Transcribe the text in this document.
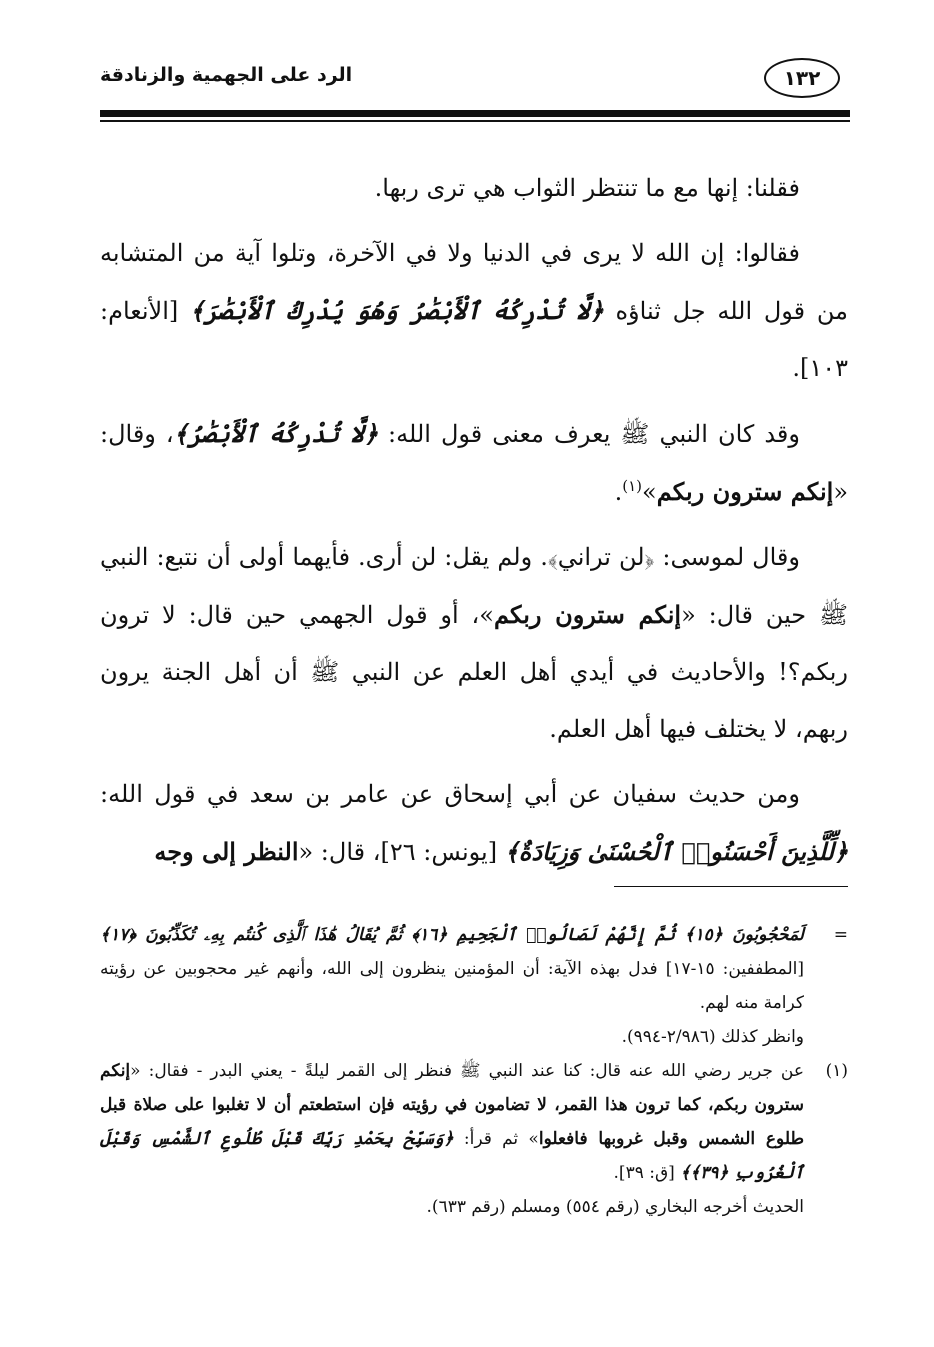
١٣٢
الرد على الجهمية والزنادقة

فقلنا: إنها مع ما تنتظر الثواب هي ترى ربها.

فقالوا: إن الله لا يرى في الدنيا ولا في الآخرة، وتلوا آية من المتشابه من قول الله جل ثناؤه ﴿لَّا تُدْرِكُهُ ٱلْأَبْصَٰرُ وَهُوَ يُدْرِكُ ٱلْأَبْصَٰرَ﴾ [الأنعام: ١٠٣].

وقد كان النبي ﷺ يعرف معنى قول الله: ﴿لَّا تُدْرِكُهُ ٱلْأَبْصَٰرُ﴾، وقال: «إنكم سترون ربكم»$^{(١)}$.

وقال لموسى: ﴿لن تراني﴾. ولم يقل: لن أرى. فأيهما أولى أن نتبع: النبي ﷺ حين قال: «إنكم سترون ربكم»، أو قول الجهمي حين قال: لا ترون ربكم؟! والأحاديث في أيدي أهل العلم عن النبي ﷺ أن أهل الجنة يرون ربهم، لا يختلف فيها أهل العلم.

ومن حديث سفيان عن أبي إسحاق عن عامر بن سعد في قول الله: ﴿لِّلَّذِينَ أَحْسَنُوا۟ ٱلْحُسْنَىٰ وَزِيَادَةٌ﴾ [يونس: ٢٦]، قال: «النظر إلى وجه

=

لَمَحْجُوبُونَ ﴿١٥﴾ ثُمَّ إِنَّهُمْ لَصَالُوا۟ ٱلْجَحِيمِ ﴿١٦﴾ ثُمَّ يُقَالُ هَٰذَا ٱلَّذِى كُنتُم بِهِۦ تُكَذِّبُونَ ﴿١٧﴾ [المطففين: ١٥-١٧] فدل بهذه الآية: أن المؤمنين ينظرون إلى الله، وأنهم غير محجوبين عن رؤيته كرامة منه لهم.

وانظر كذلك (٢/٩٨٦-٩٩٤).

(١)

عن جرير رضي الله عنه قال: كنا عند النبي ﷺ فنظر إلى القمر ليلةً - يعني البدر - فقال: «إنكم سترون ربكم، كما ترون هذا القمر، لا تضامون في رؤيته فإن استطعتم أن لا تغلبوا على صلاة قبل طلوع الشمس وقبل غروبها فافعلوا» ثم قرأ: ﴿وَسَبِّحْ بِحَمْدِ رَبِّكَ قَبْلَ طُلُوعِ ٱلشَّمْسِ وَقَبْلَ ٱلْغُرُوبِ ﴿٣٩﴾﴾ [ق: ٣٩].

الحديث أخرجه البخاري (رقم ٥٥٤) ومسلم (رقم ٦٣٣).
